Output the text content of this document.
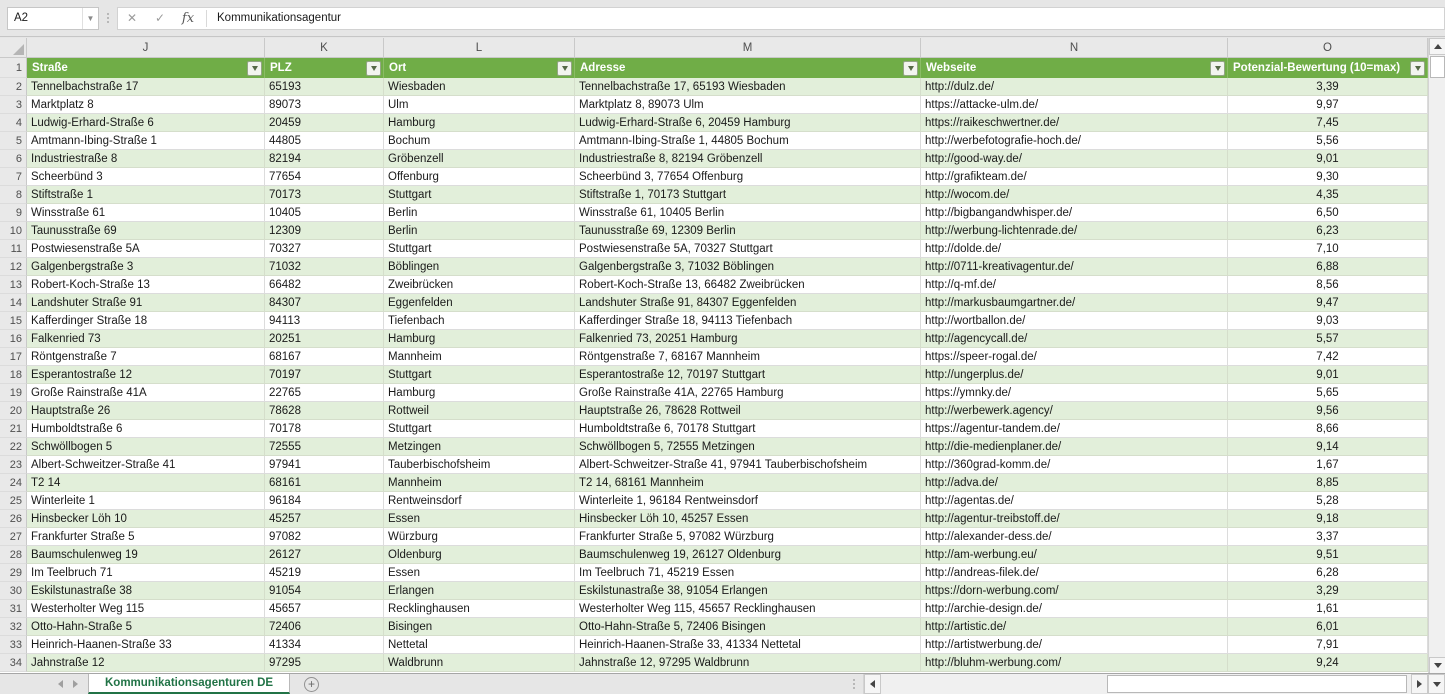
A2	▼	✕	✓	fx	Kommunikationsagentur
J	K	L	M	N	O
1 Straße	PLZ	Ort	Adresse	Webseite	Potenzial-Bewertung (10=max)
2 Tennelbachstraße 17	65193	Wiesbaden	Tennelbachstraße 17, 65193 Wiesbaden	http://dulz.de/	3,39
3 Marktplatz 8	89073	Ulm	Marktplatz 8, 89073 Ulm	https://attacke-ulm.de/	9,97
4 Ludwig-Erhard-Straße 6	20459	Hamburg	Ludwig-Erhard-Straße 6, 20459 Hamburg	https://raikeschwertner.de/	7,45
5 Amtmann-Ibing-Straße 1	44805	Bochum	Amtmann-Ibing-Straße 1, 44805 Bochum	http://werbefotografie-hoch.de/	5,56
6 Industriestraße 8	82194	Gröbenzell	Industriestraße 8, 82194 Gröbenzell	http://good-way.de/	9,01
7 Scheerbünd 3	77654	Offenburg	Scheerbünd 3, 77654 Offenburg	http://grafikteam.de/	9,30
8 Stiftstraße 1	70173	Stuttgart	Stiftstraße 1, 70173 Stuttgart	http://wocom.de/	4,35
9 Winsstraße 61	10405	Berlin	Winsstraße 61, 10405 Berlin	http://bigbangandwhisper.de/	6,50
10 Taunusstraße 69	12309	Berlin	Taunusstraße 69, 12309 Berlin	http://werbung-lichtenrade.de/	6,23
11 Postwiesenstraße 5A	70327	Stuttgart	Postwiesenstraße 5A, 70327 Stuttgart	http://dolde.de/	7,10
12 Galgenbergstraße 3	71032	Böblingen	Galgenbergstraße 3, 71032 Böblingen	http://0711-kreativagentur.de/	6,88
13 Robert-Koch-Straße 13	66482	Zweibrücken	Robert-Koch-Straße 13, 66482 Zweibrücken	http://q-mf.de/	8,56
14 Landshuter Straße 91	84307	Eggenfelden	Landshuter Straße 91, 84307 Eggenfelden	http://markusbaumgartner.de/	9,47
15 Kafferdinger Straße 18	94113	Tiefenbach	Kafferdinger Straße 18, 94113 Tiefenbach	http://wortballon.de/	9,03
16 Falkenried 73	20251	Hamburg	Falkenried 73, 20251 Hamburg	http://agencycall.de/	5,57
17 Röntgenstraße 7	68167	Mannheim	Röntgenstraße 7, 68167 Mannheim	https://speer-rogal.de/	7,42
18 Esperantostraße 12	70197	Stuttgart	Esperantostraße 12, 70197 Stuttgart	http://ungerplus.de/	9,01
19 Große Rainstraße 41A	22765	Hamburg	Große Rainstraße 41A, 22765 Hamburg	https://ymnky.de/	5,65
20 Hauptstraße 26	78628	Rottweil	Hauptstraße 26, 78628 Rottweil	http://werbewerk.agency/	9,56
21 Humboldtstraße 6	70178	Stuttgart	Humboldtstraße 6, 70178 Stuttgart	https://agentur-tandem.de/	8,66
22 Schwöllbogen 5	72555	Metzingen	Schwöllbogen 5, 72555 Metzingen	http://die-medienplaner.de/	9,14
23 Albert-Schweitzer-Straße 41	97941	Tauberbischofsheim	Albert-Schweitzer-Straße 41, 97941 Tauberbischofsheim	http://360grad-komm.de/	1,67
24 T2 14	68161	Mannheim	T2 14, 68161 Mannheim	http://adva.de/	8,85
25 Winterleite 1	96184	Rentweinsdorf	Winterleite 1, 96184 Rentweinsdorf	http://agentas.de/	5,28
26 Hinsbecker Löh 10	45257	Essen	Hinsbecker Löh 10, 45257 Essen	http://agentur-treibstoff.de/	9,18
27 Frankfurter Straße 5	97082	Würzburg	Frankfurter Straße 5, 97082 Würzburg	http://alexander-dess.de/	3,37
28 Baumschulenweg 19	26127	Oldenburg	Baumschulenweg 19, 26127 Oldenburg	http://am-werbung.eu/	9,51
29 Im Teelbruch 71	45219	Essen	Im Teelbruch 71, 45219 Essen	http://andreas-filek.de/	6,28
30 Eskilstunastraße 38	91054	Erlangen	Eskilstunastraße 38, 91054 Erlangen	https://dorn-werbung.com/	3,29
31 Westerholter Weg 115	45657	Recklinghausen	Westerholter Weg 115, 45657 Recklinghausen	http://archie-design.de/	1,61
32 Otto-Hahn-Straße 5	72406	Bisingen	Otto-Hahn-Straße 5, 72406 Bisingen	http://artistic.de/	6,01
33 Heinrich-Haanen-Straße 33	41334	Nettetal	Heinrich-Haanen-Straße 33, 41334 Nettetal	http://artistwerbung.de/	7,91
34 Jahnstraße 12	97295	Waldbrunn	Jahnstraße 12, 97295 Waldbrunn	http://bluhm-werbung.com/	9,24
Kommunikationsagenturen DE	+
